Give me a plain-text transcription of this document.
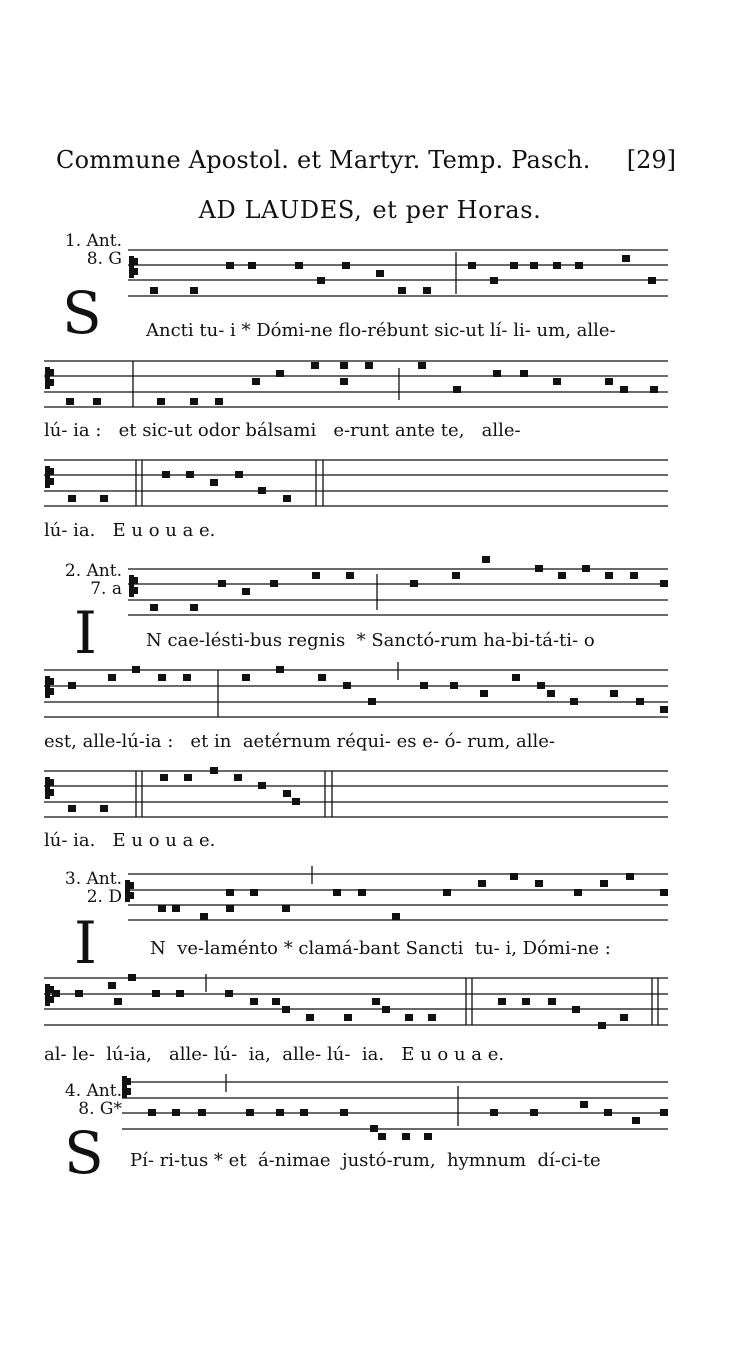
Commune Apostol. et Martyr. Temp. Pasch. [29]
AD LAUDES, et per Horas.
1. Ant.
8. G
2. Ant.
7. a
3. Ant.
2. D
4. Ant.
8. G*
S
I
I
S
Ancti tu- i * Dómi-ne flo-rébunt sic-ut lí- li- um, alle-
lú- ia :   et sic-ut odor bálsami   e-runt ante te,   alle-
lú- ia.   E u o u a e.
N cae-lésti-bus regnis  * Sanctó-rum ha-bi-tá-ti- o
est, alle-lú-ia :   et in  aetérnum réqui- es e- ó- rum, alle-
lú- ia.   E u o u a e.
N  ve-laménto * clamá-bant Sancti  tu- i, Dómi-ne :
al- le-  lú-ia,   alle- lú-  ia,  alle- lú-  ia.   E u o u a e.
Pí- ri-tus * et  á-nimae  justó-rum,  hymnum  dí-ci-te
